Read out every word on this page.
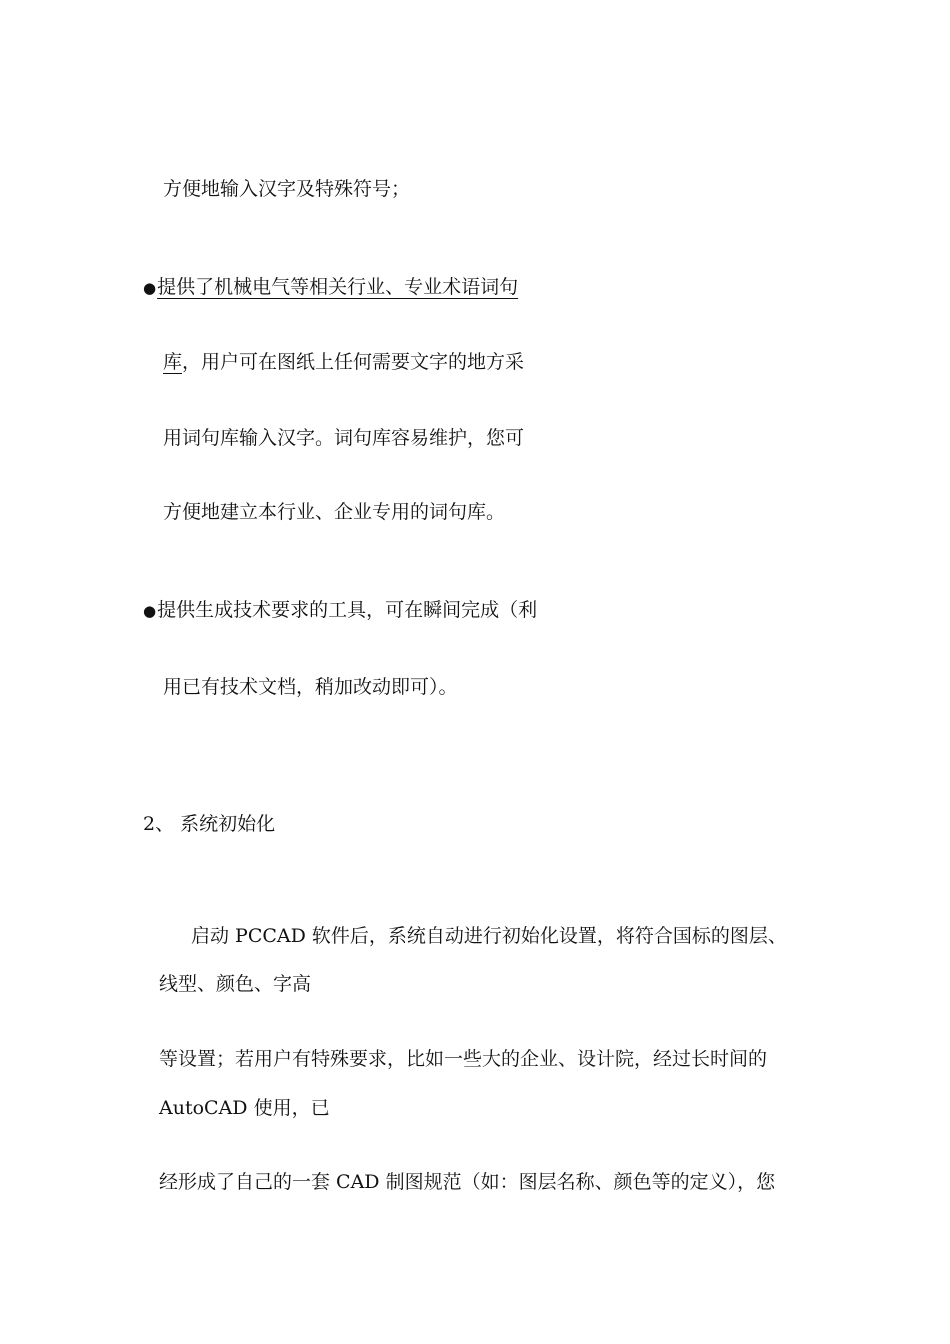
方便地输入汉字及特殊符号；
●提供了机械电气等相关行业、专业术语词句
库，用户可在图纸上任何需要文字的地方采
用词句库输入汉字。词句库容易维护，您可
方便地建立本行业、企业专用的词句库。
●提供生成技术要求的工具，可在瞬间完成（利
用已有技术文档，稍加改动即可）。
2、 系统初始化
启动 PCCAD 软件后，系统自动进行初始化设置，将符合国标的图层、
线型、颜色、字高
等设置；若用户有特殊要求，比如一些大的企业、设计院，经过长时间的
AutoCAD 使用，已
经形成了自己的一套 CAD 制图规范（如：图层名称、颜色等的定义），您
